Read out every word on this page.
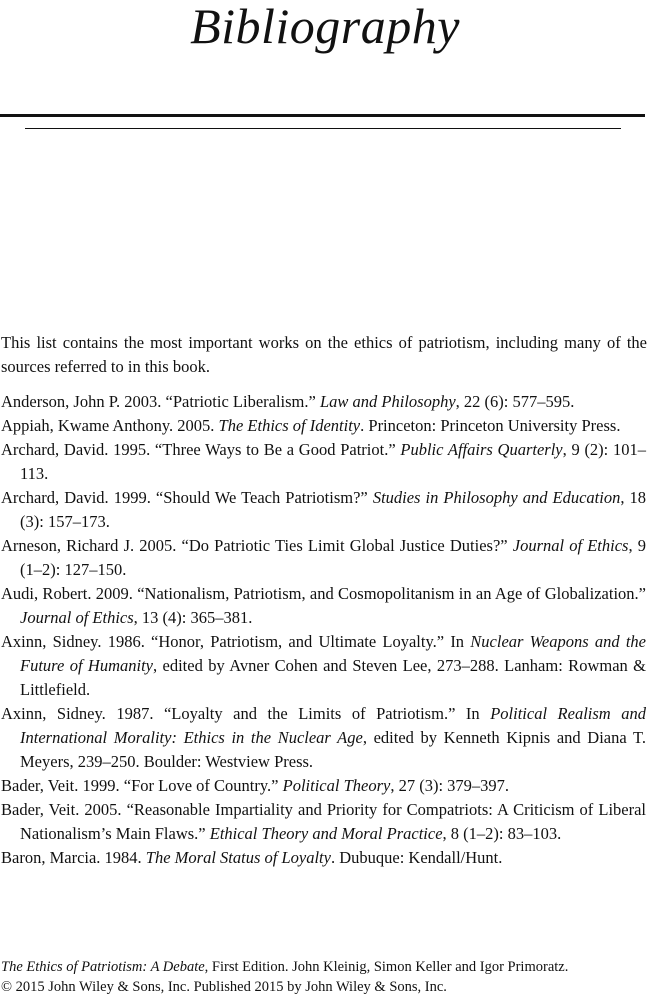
Bibliography

This list contains the most important works on the ethics of patriotism, including many of the sources referred to in this book.

Anderson, John P. 2003. “Patriotic Liberalism.” Law and Philosophy, 22 (6): 577–595.

Appiah, Kwame Anthony. 2005. The Ethics of Identity. Princeton: Princeton University Press.

Archard, David. 1995. “Three Ways to Be a Good Patriot.” Public Affairs Quarterly, 9 (2): 101–113.

Archard, David. 1999. “Should We Teach Patriotism?” Studies in Philosophy and Education, 18 (3): 157–173.

Arneson, Richard J. 2005. “Do Patriotic Ties Limit Global Justice Duties?” Journal of Ethics, 9 (1–2): 127–150.

Audi, Robert. 2009. “Nationalism, Patriotism, and Cosmopolitanism in an Age of Globalization.” Journal of Ethics, 13 (4): 365–381.

Axinn, Sidney. 1986. “Honor, Patriotism, and Ultimate Loyalty.” In Nuclear Weapons and the Future of Humanity, edited by Avner Cohen and Steven Lee, 273–288. Lanham: Rowman & Littlefield.

Axinn, Sidney. 1987. “Loyalty and the Limits of Patriotism.” In Political Realism and International Morality: Ethics in the Nuclear Age, edited by Kenneth Kipnis and Diana T. Meyers, 239–250. Boulder: Westview Press.

Bader, Veit. 1999. “For Love of Country.” Political Theory, 27 (3): 379–397.

Bader, Veit. 2005. “Reasonable Impartiality and Priority for Compatriots: A Criticism of Liberal Nationalism’s Main Flaws.” Ethical Theory and Moral Practice, 8 (1–2): 83–103.

Baron, Marcia. 1984. The Moral Status of Loyalty. Dubuque: Kendall/Hunt.

The Ethics of Patriotism: A Debate, First Edition. John Kleinig, Simon Keller and Igor Primoratz.
© 2015 John Wiley & Sons, Inc. Published 2015 by John Wiley & Sons, Inc.
